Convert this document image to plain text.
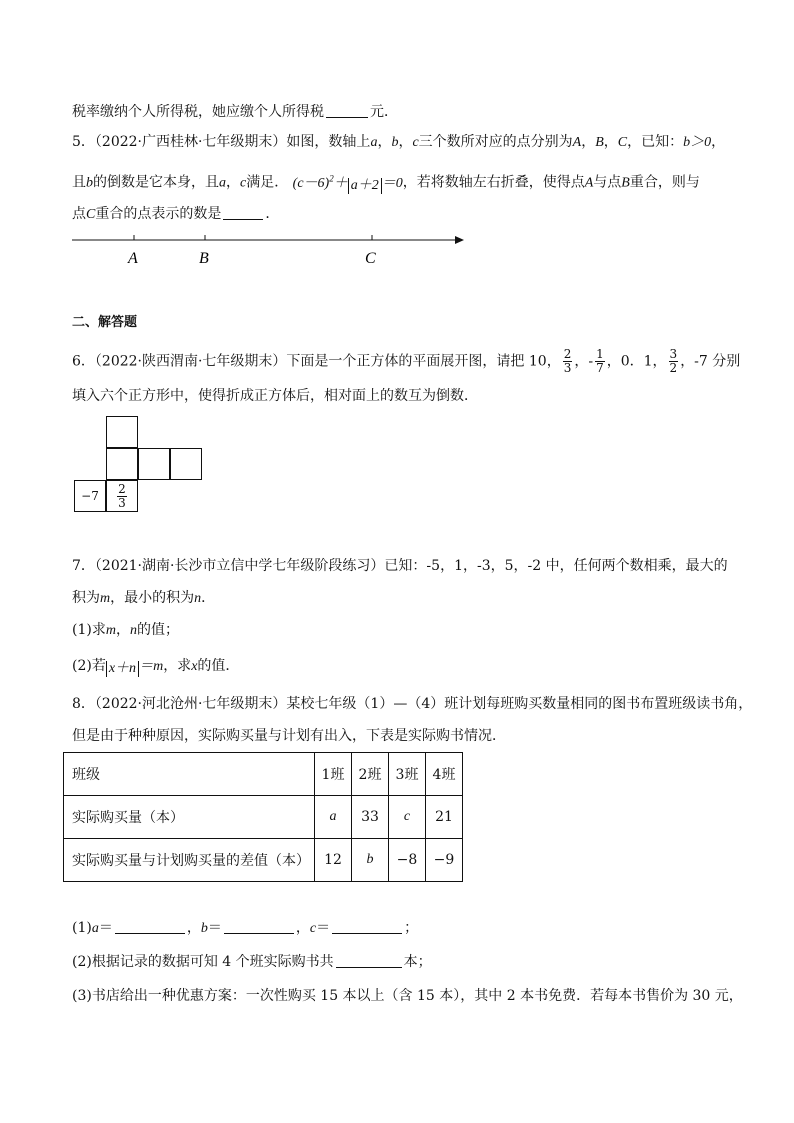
税率缴纳个人所得税，她应缴个人所得税	元．
5．（2022·广西桂林·七年级期末）如图，数轴上a，b，c三个数所对应的点分别为A，B，C，已知：b＞0，
且b的倒数是它本身，且a，c满足． $(c-6)^2+ a+2 =0$，若将数轴左右折叠，使得点A与点B重合，则与
点C重合的点表示的数是	．
A	B	C
二、解答题
6．（2022·陕西渭南·七年级期末）下面是一个正方体的平面展开图，请把 10， $\frac{2}{3}$ ，- $\frac{1}{7}$ ，0．1， $\frac{3}{2}$ ，-7 分别
填入六个正方形中，使得折成正方体后，相对面上的数互为倒数．
−7	$\frac{2}{3}$
7．（2021·湖南·长沙市立信中学七年级阶段练习）已知：-5，1，-3，5，-2 中，任何两个数相乘，最大的
积为m，最小的积为n．
(1)求m，n的值；
(2)若 x＋n ＝m，求x的值．
8．（2022·河北沧州·七年级期末）某校七年级（1）—（4）班计划每班购买数量相同的图书布置班级读书角，
但是由于种种原因，实际购买量与计划有出入，下表是实际购书情况．
班级	1班	2班	3班	4班
实际购买量（本）	a	33	c	21
实际购买量与计划购买量的差值（本）	12	b	−8	−9
(1)a＝	，b＝	，c＝	；
(2)根据记录的数据可知 4 个班实际购书共	本；
(3)书店给出一种优惠方案：一次性购买 15 本以上（含 15 本），其中 2 本书免费．若每本书售价为 30 元，
